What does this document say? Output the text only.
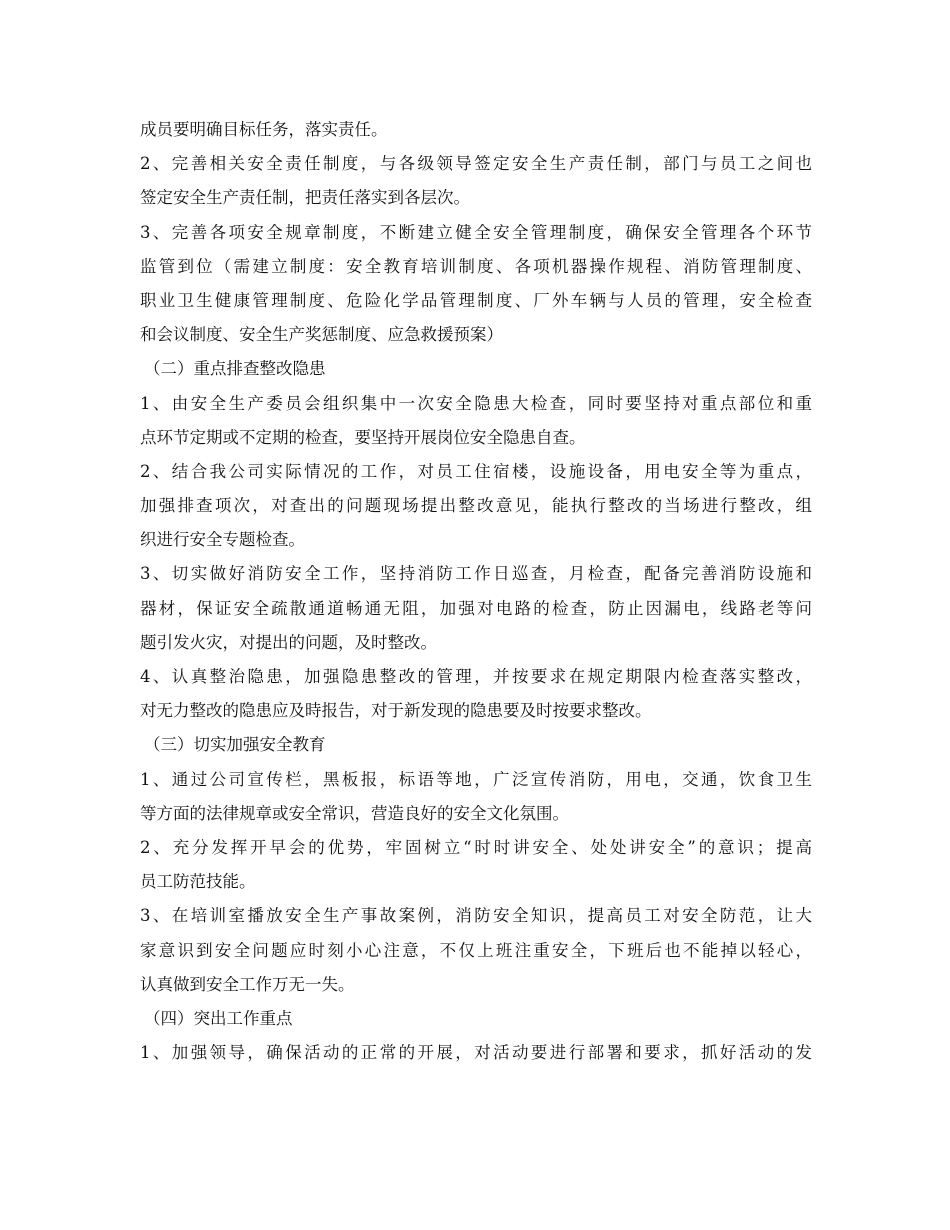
成员要明确目标任务，落实责任。
2、完善相关安全责任制度，与各级领导签定安全生产责任制，部门与员工之间也
签定安全生产责任制，把责任落实到各层次。
3、完善各项安全规章制度，不断建立健全安全管理制度，确保安全管理各个环节
监管到位（需建立制度：安全教育培训制度、各项机器操作规程、消防管理制度、
职业卫生健康管理制度、危险化学品管理制度、厂外车辆与人员的管理，安全检查
和会议制度、安全生产奖惩制度、应急救援预案）
（二）重点排查整改隐患
1、由安全生产委员会组织集中一次安全隐患大检查，同时要坚持对重点部位和重
点环节定期或不定期的检查，要坚持开展岗位安全隐患自查。
2、结合我公司实际情况的工作，对员工住宿楼，设施设备，用电安全等为重点，
加强排查项次，对查出的问题现场提出整改意见，能执行整改的当场进行整改，组
织进行安全专题检查。
3、切实做好消防安全工作，坚持消防工作日巡查，月检查，配备完善消防设施和
器材，保证安全疏散通道畅通无阻，加强对电路的检查，防止因漏电，线路老等问
题引发火灾，对提出的问题，及时整改。
4、认真整治隐患，加强隐患整改的管理，并按要求在规定期限内检查落实整改，
对无力整改的隐患应及時报告，对于新发现的隐患要及时按要求整改。
（三）切实加强安全教育
1、通过公司宣传栏，黑板报，标语等地，广泛宣传消防，用电，交通，饮食卫生
等方面的法律规章或安全常识，营造良好的安全文化氛围。
2、充分发挥开早会的优势，牢固树立“时时讲安全、处处讲安全”的意识；提高
员工防范技能。
3、在培训室播放安全生产事故案例，消防安全知识，提高员工对安全防范，让大
家意识到安全问题应时刻小心注意，不仅上班注重安全，下班后也不能掉以轻心，
认真做到安全工作万无一失。
（四）突出工作重点
1、加强领导，确保活动的正常的开展，对活动要进行部署和要求，抓好活动的发
